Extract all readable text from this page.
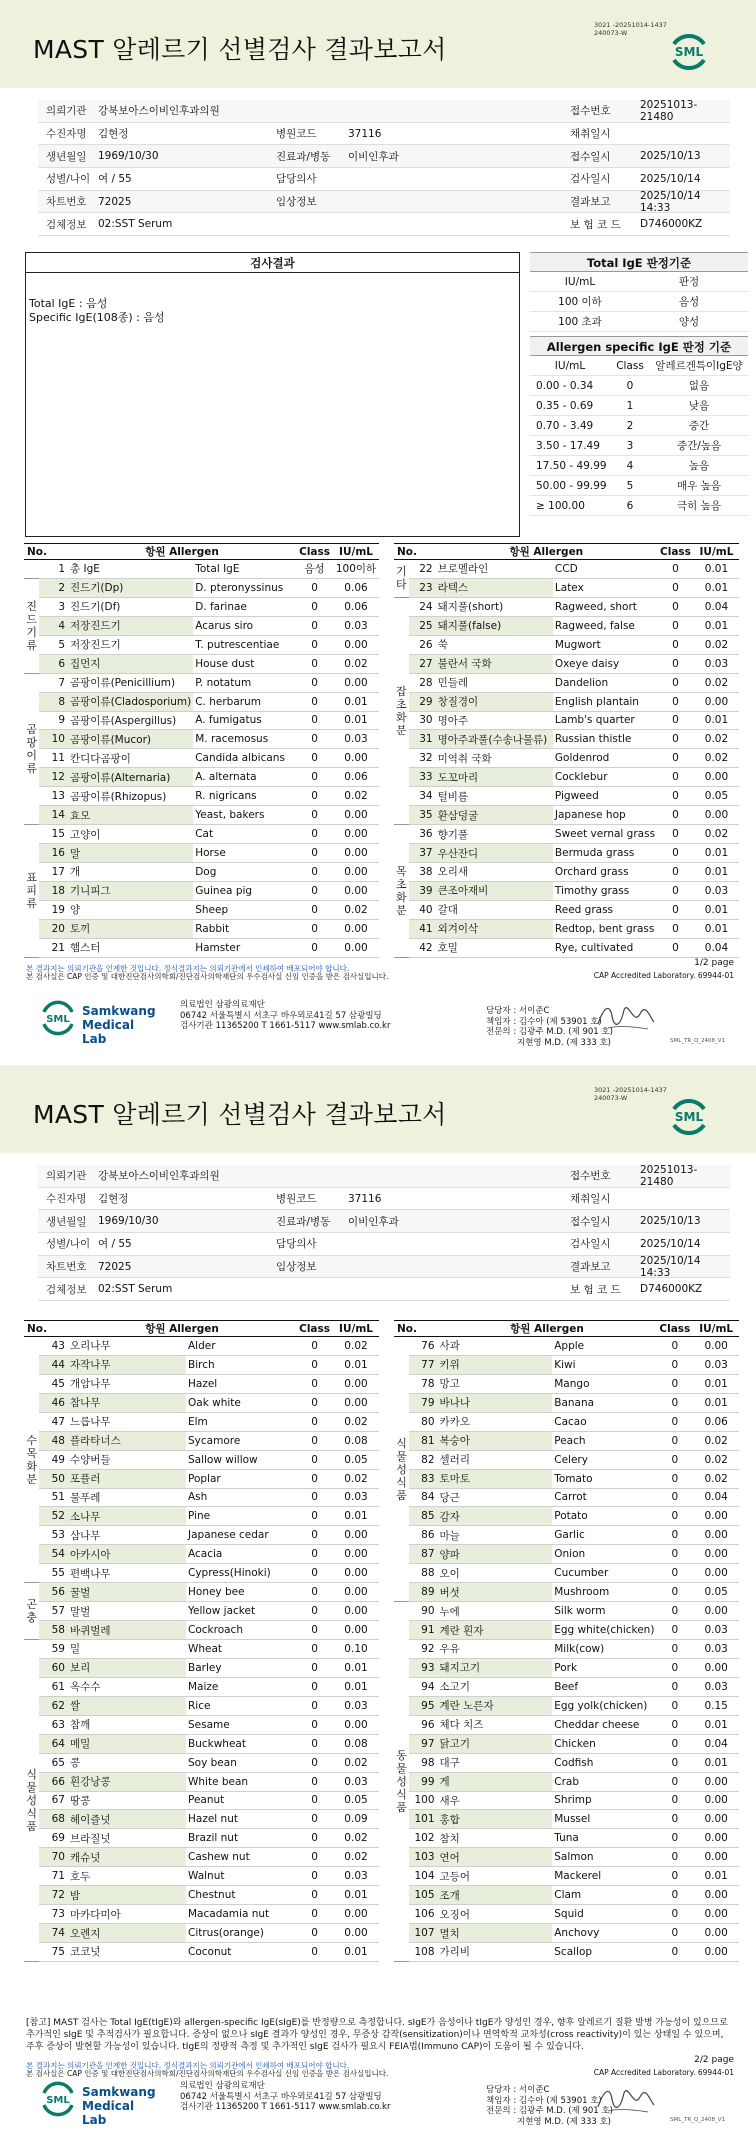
MAST 알레르기 선별검사 결과보고서
3021 -20251014-1437
240073-W
SML
의뢰기관	강북보아스이비인후과의원	접수번호
20251013-21480
수진자명	김현정	병원코드	37116	채취일시
생년월일	1969/10/30	진료과/병동	이비인후과	접수일시	2025/10/13
성별/나이 여 / 55	담당의사	검사일시	2025/10/14
차트번호	72025	임상정보	결과보고
2025/10/14 14:33
검체정보	02:SST Serum	보 험 코 드	D746000KZ
검사결과
Total IgE : 음성
Specific IgE(108종) : 음성
Total IgE 판정기준
IU/mL	판정
100 이하	음성
100 초과	양성
Allergen specific IgE 판정 기준
IU/mL	Class	알레르겐특이IgE양
0.00 - 0.34	0	없음
0.35 - 0.69	1	낮음
0.70 - 3.49	2	중간
3.50 - 17.49	3	중간/높음
17.50 - 49.99	4	높음
50.00 - 99.99	5	매우 높음
≥ 100.00	6	극히 높음
No.		항원 Allergen		Class	IU/mL
	1	총 IgE	Total IgE	음성	100이하

진
드
기
류	2	진드기(Dp)	D. pteronyssinus	0	0.06
	3	진드기(Df)	D. farinae	0	0.06
	4	저장진드기	Acarus siro	0	0.03
	5	저장진드기	T. putrescentiae	0	0.00
	6	집먼지	House dust	0	0.02

곰
팡
이
류	7	곰팡이류(Penicillium)	P. notatum	0	0.00
	8	곰팡이류(Cladosporium)	C. herbarum	0	0.01
	9	곰팡이류(Aspergillus)	A. fumigatus	0	0.01
	10	곰팡이류(Mucor)	M. racemosus	0	0.03
	11	칸디다곰팡이	Candida albicans	0	0.00
	12	곰팡이류(Alternaria)	A. alternata	0	0.06
	13	곰팡이류(Rhizopus)	R. nigricans	0	0.02
	14	효모	Yeast, bakers	0	0.00

표
피
류	15	고양이	Cat	0	0.00
	16	말	Horse	0	0.00
	17	개	Dog	0	0.00
	18	기니피그	Guinea pig	0	0.00
	19	양	Sheep	0	0.02
	20	토끼	Rabbit	0	0.00
	21	햄스터	Hamster	0	0.00
No.		항원 Allergen		Class	IU/mL

기
타	22	브로멜라인	CCD	0	0.01
	23	라텍스	Latex	0	0.01

잡
초
화
분	24	돼지풀(short)	Ragweed, short	0	0.04
	25	돼지풀(false)	Ragweed, false	0	0.01
	26	쑥	Mugwort	0	0.02
	27	불란서 국화	Oxeye daisy	0	0.03
	28	민들레	Dandelion	0	0.02
	29	창질경이	English plantain	0	0.00
	30	명아주	Lamb's quarter	0	0.01
	31	명아주과풀(수송나물류)	Russian thistle	0	0.02
	32	미역취 국화	Goldenrod	0	0.02
	33	도꼬마리	Cocklebur	0	0.00
	34	털비름	Pigweed	0	0.05
	35	환삼덩굴	Japanese hop	0	0.00

목
초
화
분	36	향기풀	Sweet vernal grass	0	0.02
	37	우산잔디	Bermuda grass	0	0.01
	38	오리새	Orchard grass	0	0.01
	39	큰조아재비	Timothy grass	0	0.03
	40	갈대	Reed grass	0	0.01
	41	외겨이삭	Redtop, bent grass	0	0.01
	42	호밀	Rye, cultivated	0	0.04
1/2 page
본 결과지는 의뢰기관을 인계한 것입니다. 정식결과지는 의뢰기관에서 인쇄하여 배포되어야 합니다.
본 검사실은 CAP 인증 및 대한진단검사의학회/진단검사의학재단의 우수검사실 신임 인증을 받은 검사실입니다.	CAP Accredited Laboratory. 69944-01
SML
Samkwang
Medical Lab
의료법인 삼광의료재단
06742 서울특별시 서초구 바우뫼로41길 57 삼광빌딩
검사기관 11365200 T 1661-5117 www.smlab.co.kr
담당자 : 서이준C
책임자 : 김수아 (제 53901 호)
전문의 : 김광주 M.D. (제 901 호)
지현영 M.D. (제 333 호)	SML_TR_Q_2408_V1
MAST 알레르기 선별검사 결과보고서
3021 -20251014-1437
240073-W
SML
의뢰기관	강북보아스이비인후과의원	접수번호
20251013-21480
수진자명	김현정	병원코드	37116	채취일시
생년월일	1969/10/30	진료과/병동	이비인후과	접수일시	2025/10/13
성별/나이 여 / 55	담당의사	검사일시	2025/10/14
차트번호	72025	임상정보	결과보고
2025/10/14 14:33
검체정보	02:SST Serum	보 험 코 드	D746000KZ
No.		항원 Allergen		Class	IU/mL

수
목
화
분	43	오리나무	Alder	0	0.02
	44	자작나무	Birch	0	0.01
	45	개암나무	Hazel	0	0.00
	46	참나무	Oak white	0	0.00
	47	느릅나무	Elm	0	0.02
	48	플라타너스	Sycamore	0	0.08
	49	수양버들	Sallow willow	0	0.05
	50	포플러	Poplar	0	0.02
	51	물푸레	Ash	0	0.03
	52	소나무	Pine	0	0.01
	53	삼나무	Japanese cedar	0	0.00
	54	아카시아	Acacia	0	0.00
	55	편백나무	Cypress(Hinoki)	0	0.00

곤
충	56	꿀벌	Honey bee	0	0.00
	57	말벌	Yellow jacket	0	0.00
	58	바퀴벌레	Cockroach	0	0.00

식
물
성
식
품	59	밀	Wheat	0	0.10
	60	보리	Barley	0	0.01
	61	옥수수	Maize	0	0.01
	62	쌀	Rice	0	0.03
	63	참깨	Sesame	0	0.00
	64	메밀	Buckwheat	0	0.08
	65	콩	Soy bean	0	0.02
	66	흰강낭콩	White bean	0	0.03
	67	땅콩	Peanut	0	0.05
	68	헤이즐넛	Hazel nut	0	0.09
	69	브라질넛	Brazil nut	0	0.02
	70	캐슈넛	Cashew nut	0	0.02
	71	호두	Walnut	0	0.03
	72	밤	Chestnut	0	0.01
	73	마카다미아	Macadamia nut	0	0.00
	74	오렌지	Citrus(orange)	0	0.00
	75	코코넛	Coconut	0	0.01
No.		항원 Allergen		Class	IU/mL

식
물
성
식
품	76	사과	Apple	0	0.00
	77	키위	Kiwi	0	0.03
	78	망고	Mango	0	0.01
	79	바나나	Banana	0	0.01
	80	카카오	Cacao	0	0.06
	81	복숭아	Peach	0	0.02
	82	셀러리	Celery	0	0.02
	83	토마토	Tomato	0	0.02
	84	당근	Carrot	0	0.04
	85	감자	Potato	0	0.00
	86	마늘	Garlic	0	0.00
	87	양파	Onion	0	0.00
	88	오이	Cucumber	0	0.00
	89	버섯	Mushroom	0	0.05

동
물
성
식
품	90	누에	Silk worm	0	0.00
	91	계란 흰자	Egg white(chicken)	0	0.03
	92	우유	Milk(cow)	0	0.03
	93	돼지고기	Pork	0	0.00
	94	소고기	Beef	0	0.03
	95	계란 노른자	Egg yolk(chicken)	0	0.15
	96	체다 치즈	Cheddar cheese	0	0.01
	97	닭고기	Chicken	0	0.04
	98	대구	Codfish	0	0.01
	99	게	Crab	0	0.00
	100	새우	Shrimp	0	0.00
	101	홍합	Mussel	0	0.00
	102	참치	Tuna	0	0.00
	103	연어	Salmon	0	0.00
	104	고등어	Mackerel	0	0.01
	105	조개	Clam	0	0.00
	106	오징어	Squid	0	0.00
	107	멸치	Anchovy	0	0.00
	108	가리비	Scallop	0	0.00
[참고] MAST 검사는 Total IgE(tIgE)와 allergen-specific IgE(sIgE)를 반정량으로 측정합니다. sIgE가 음성이나 tIgE가 양성인 경우, 향후 알레르기 질환 발병 가능성이 있으므로 추가적인 sIgE 및 추적검사가 필요합니다. 증상이 없으나 sIgE 결과가 양성인 경우, 무증상 감작(sensitization)이나 면역학적 교차성(cross reactivity)이 있는 상태일 수 있으며, 주후 증상이 발현할 가능성이 있습니다. tIgE의 정량적 측정 및 추가적인 sIgE 검사가 필요시 FEIA법(Immuno CAP)이 도움이 될 수 있습니다.
2/2 page
본 결과지는 의뢰기관을 인계한 것입니다. 정식결과지는 의뢰기관에서 인쇄하여 배포되어야 합니다.
본 검사실은 CAP 인증 및 대한진단검사의학회/진단검사의학재단의 우수검사실 신임 인증을 받은 검사실입니다.	CAP Accredited Laboratory. 69944-01
SML
Samkwang
Medical Lab
의료법인 삼광의료재단
06742 서울특별시 서초구 바우뫼로41길 57 삼광빌딩
검사기관 11365200 T 1661-5117 www.smlab.co.kr
담당자 : 서이준C
책임자 : 김수아 (제 53901 호)
전문의 : 김광주 M.D. (제 901 호)
지현영 M.D. (제 333 호)	SML_TR_Q_2408_V1
